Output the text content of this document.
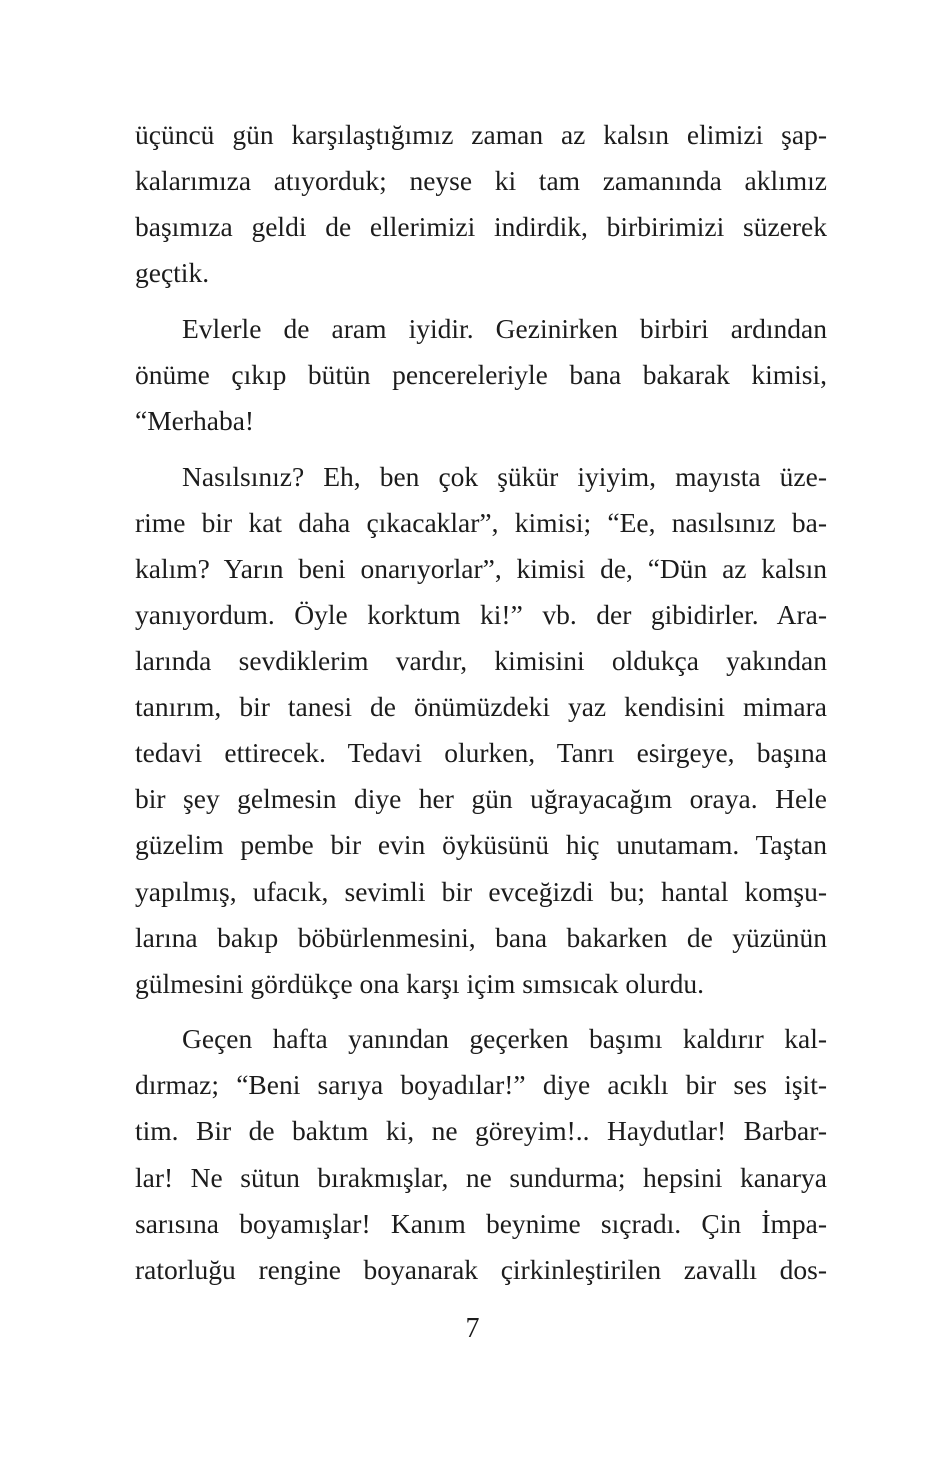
üçüncü gün karşılaştığımız zaman az kalsın elimizi şap-
kalarımıza atıyorduk; neyse ki tam zamanında aklımız
başımıza geldi de ellerimizi indirdik, birbirimizi süzerek
geçtik.
Evlerle de aram iyidir. Gezinirken birbiri ardından
önüme çıkıp bütün pencereleriyle bana bakarak kimisi,
“Merhaba!
Nasılsınız? Eh, ben çok şükür iyiyim, mayısta üze-
rime bir kat daha çıkacaklar”, kimisi; “Ee, nasılsınız ba-
kalım? Yarın beni onarıyorlar”, kimisi de, “Dün az kalsın
yanıyordum. Öyle korktum ki!” vb. der gibidirler. Ara-
larında sevdiklerim vardır, kimisini oldukça yakından
tanırım, bir tanesi de önümüzdeki yaz kendisini mimara
tedavi ettirecek. Tedavi olurken, Tanrı esirgeye, başına
bir şey gelmesin diye her gün uğrayacağım oraya. Hele
güzelim pembe bir evin öyküsünü hiç unutamam. Taştan
yapılmış, ufacık, sevimli bir evceğizdi bu; hantal komşu-
larına bakıp böbürlenmesini, bana bakarken de yüzünün
gülmesini gördükçe ona karşı içim sımsıcak olurdu.
Geçen hafta yanından geçerken başımı kaldırır kal-
dırmaz; “Beni sarıya boyadılar!” diye acıklı bir ses işit-
tim. Bir de baktım ki, ne göreyim!.. Haydutlar! Barbar-
lar! Ne sütun bırakmışlar, ne sundurma; hepsini kanarya
sarısına boyamışlar! Kanım beynime sıçradı. Çin İmpa-
ratorluğu rengine boyanarak çirkinleştirilen zavallı dos-
7
